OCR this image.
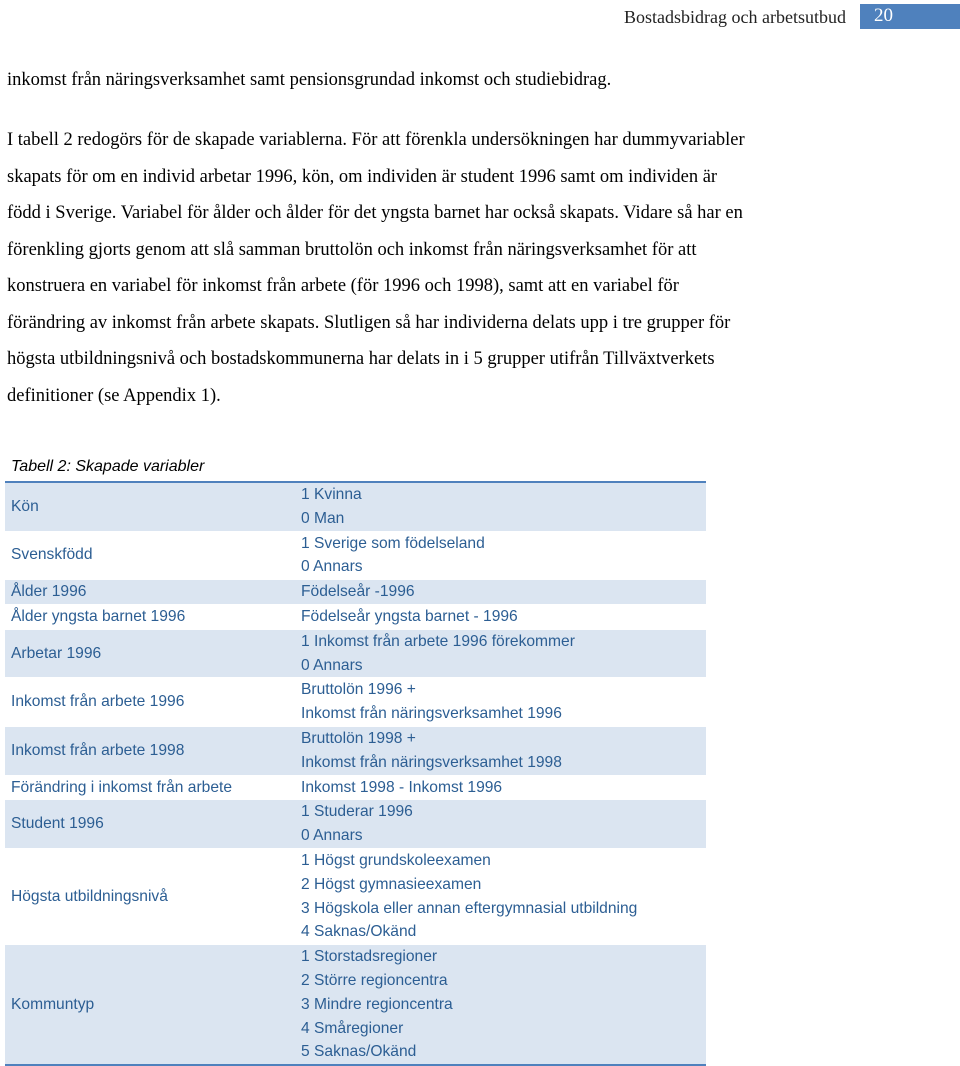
Bostadsbidrag och arbetsutbud 20
inkomst från näringsverksamhet samt pensionsgrundad inkomst och studiebidrag.
I tabell 2 redogörs för de skapade variablerna. För att förenkla undersökningen har dummyvariabler
skapats för om en individ arbetar 1996, kön, om individen är student 1996 samt om individen är
född i Sverige. Variabel för ålder och ålder för det yngsta barnet har också skapats. Vidare så har en
förenkling gjorts genom att slå samman bruttolön och inkomst från näringsverksamhet för att
konstruera en variabel för inkomst från arbete (för 1996 och 1998), samt att en variabel för
förändring av inkomst från arbete skapats. Slutligen så har individerna delats upp i tre grupper för
högsta utbildningsnivå och bostadskommunerna har delats in i 5 grupper utifrån Tillväxtverkets
definitioner (se Appendix 1).
Tabell 2: Skapade variabler
Kön	1 Kvinna
0 Man

Svenskfödd	1 Sverige som födelseland
0 Annars

Ålder 1996	Födelseår -1996

Ålder yngsta barnet 1996	Födelseår yngsta barnet - 1996

Arbetar 1996	1 Inkomst från arbete 1996 förekommer
0 Annars

Inkomst från arbete 1996	Bruttolön 1996 +
Inkomst från näringsverksamhet 1996

Inkomst från arbete 1998	Bruttolön 1998 +
Inkomst från näringsverksamhet 1998

Förändring i inkomst från arbete	Inkomst 1998 - Inkomst 1996

Student 1996	1 Studerar 1996
0 Annars

Högsta utbildningsnivå	1 Högst grundskoleexamen
2 Högst gymnasieexamen
3 Högskola eller annan eftergymnasial utbildning
4 Saknas/Okänd

Kommuntyp	1 Storstadsregioner
2 Större regioncentra
3 Mindre regioncentra
4 Småregioner
5 Saknas/Okänd
